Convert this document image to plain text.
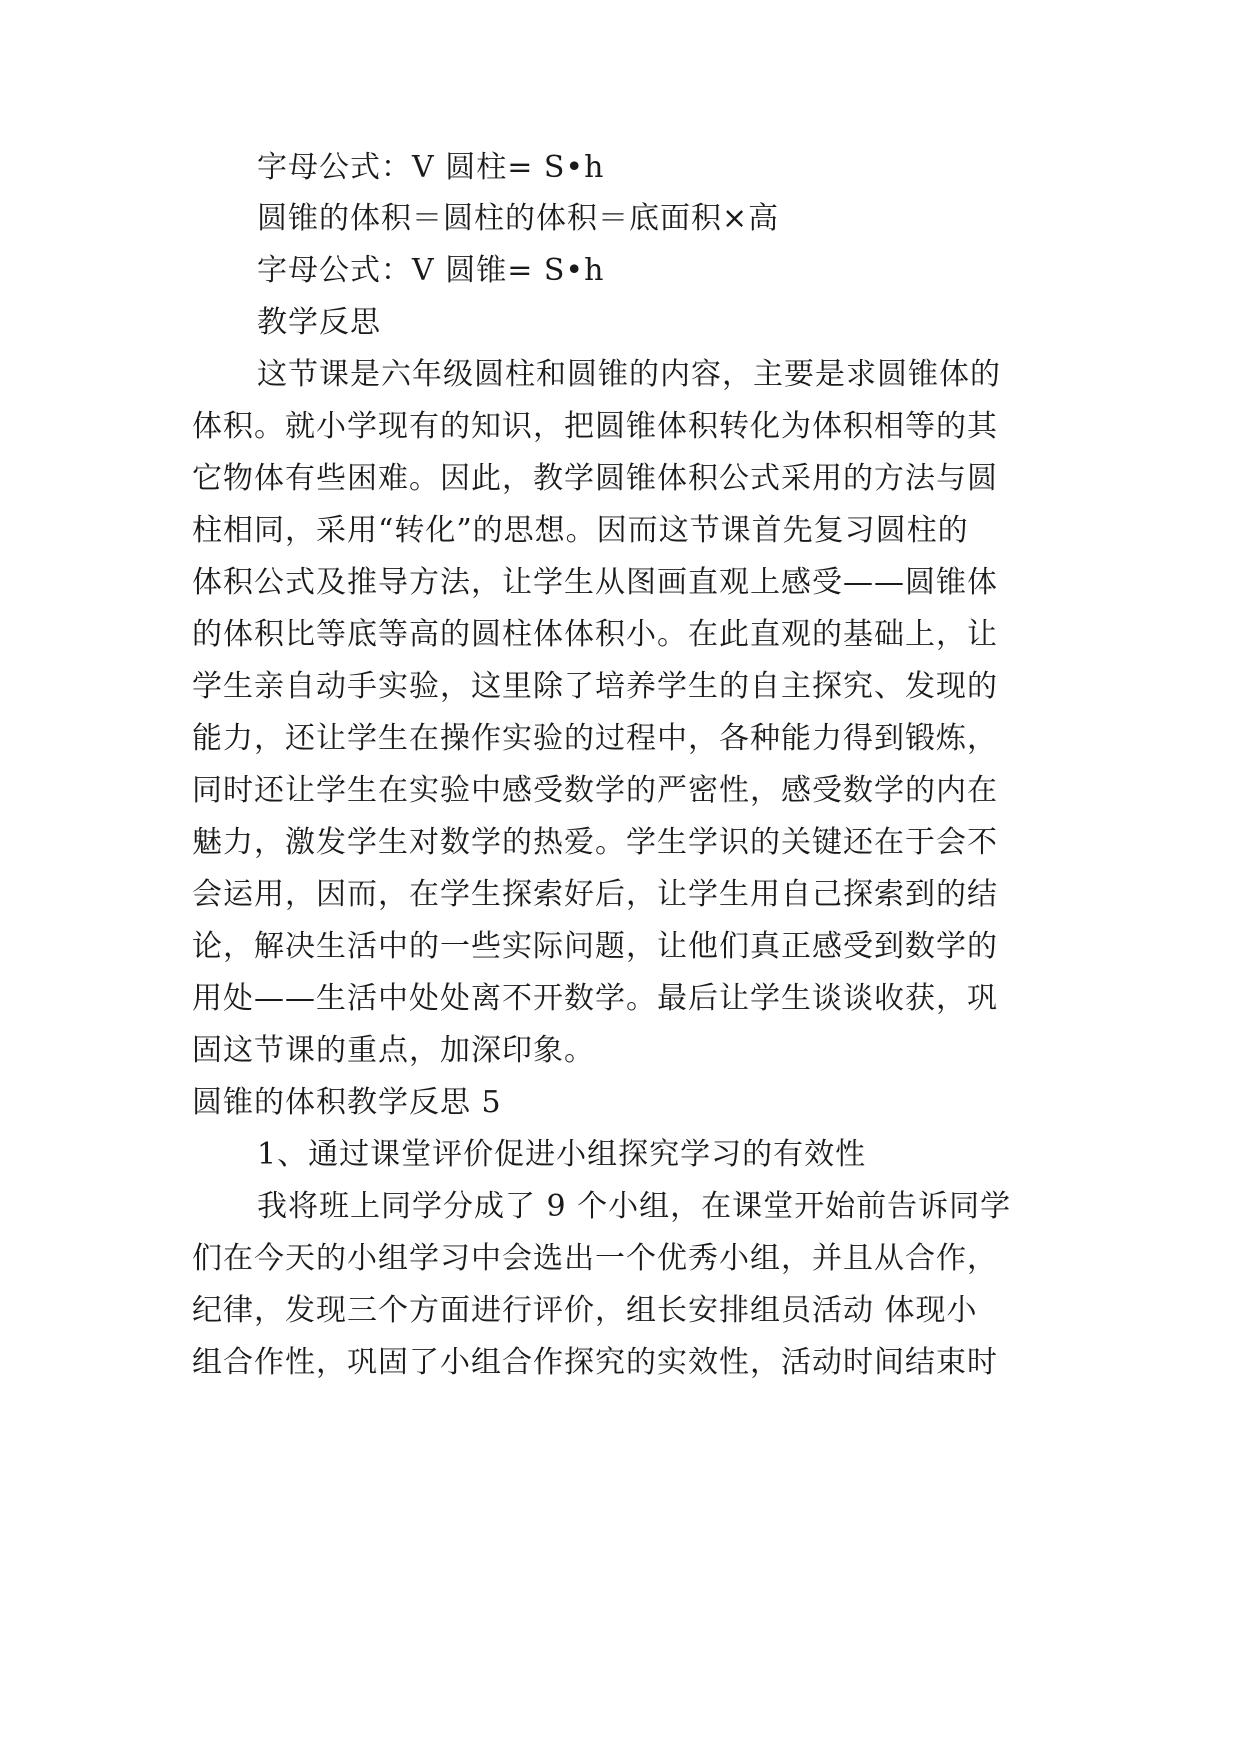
字母公式：V 圆柱= S•h
圆锥的体积＝圆柱的体积＝底面积×高
字母公式：V 圆锥= S•h
教学反思
这节课是六年级圆柱和圆锥的内容，主要是求圆锥体的
体积。就小学现有的知识，把圆锥体积转化为体积相等的其
它物体有些困难。因此，教学圆锥体积公式采用的方法与圆
柱相同，采用“转化”的思想。因而这节课首先复习圆柱的
体积公式及推导方法，让学生从图画直观上感受——圆锥体
的体积比等底等高的圆柱体体积小。在此直观的基础上，让
学生亲自动手实验，这里除了培养学生的自主探究、发现的
能力，还让学生在操作实验的过程中，各种能力得到锻炼，
同时还让学生在实验中感受数学的严密性，感受数学的内在
魅力，激发学生对数学的热爱。学生学识的关键还在于会不
会运用，因而，在学生探索好后，让学生用自己探索到的结
论，解决生活中的一些实际问题，让他们真正感受到数学的
用处——生活中处处离不开数学。最后让学生谈谈收获，巩
固这节课的重点，加深印象。
圆锥的体积教学反思 5
1、通过课堂评价促进小组探究学习的有效性
我将班上同学分成了 9 个小组，在课堂开始前告诉同学
们在今天的小组学习中会选出一个优秀小组，并且从合作，
纪律，发现三个方面进行评价，组长安排组员活动 体现小
组合作性，巩固了小组合作探究的实效性，活动时间结束时
